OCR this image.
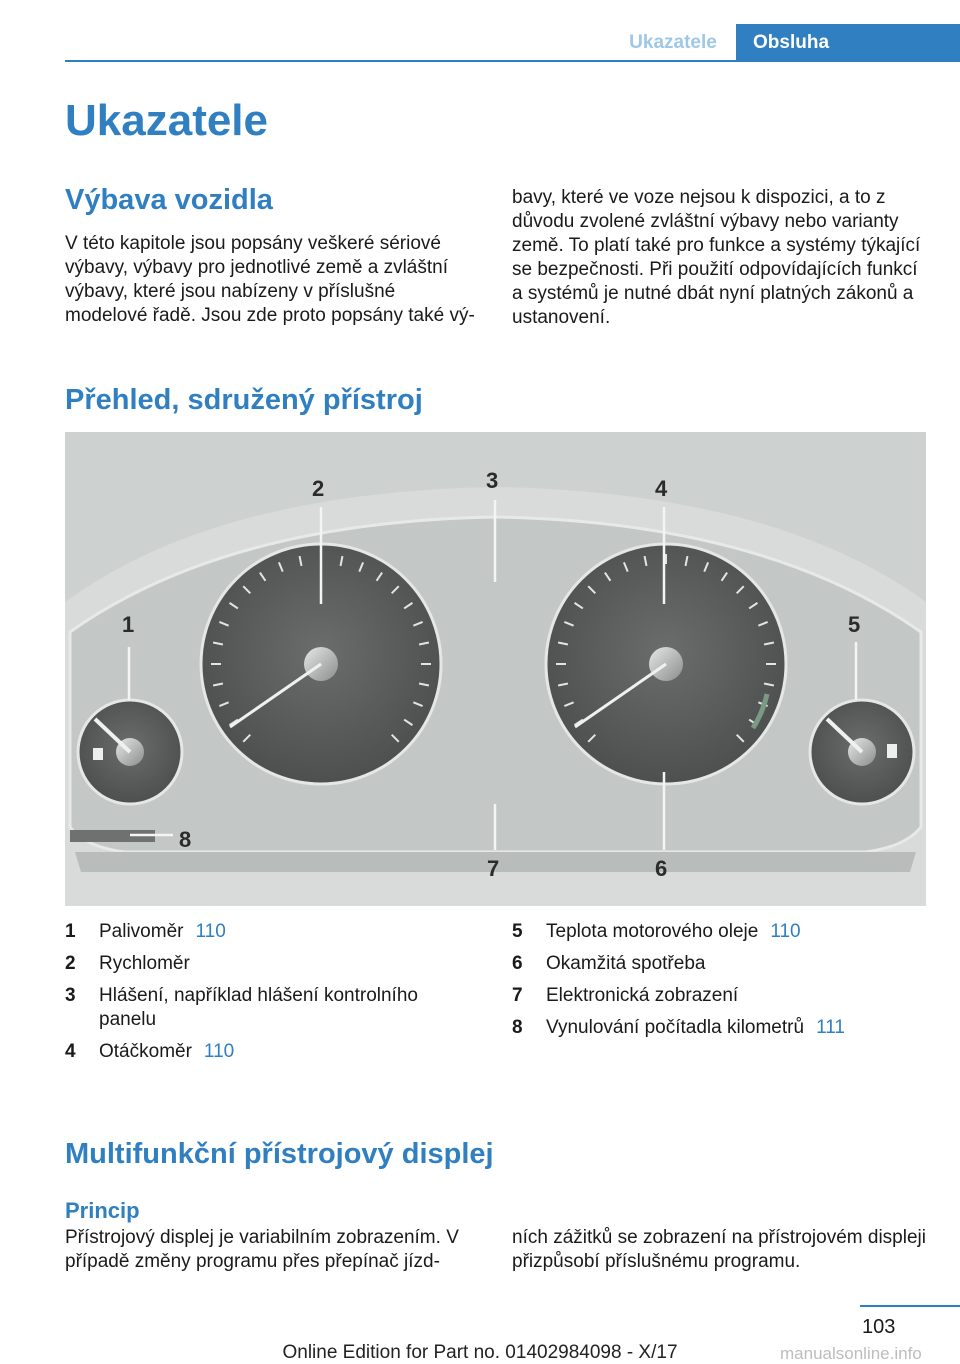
Ukazatele	Obsluha
Ukazatele
Výbava vozidla

V této kapitole jsou popsány veškeré sériové výbavy, výbavy pro jednotlivé země a zvláštní výbavy, které jsou nabízeny v příslušné modelové řadě. Jsou zde proto popsány také vý-

bavy, které ve voze nejsou k dispozici, a to z důvodu zvolené zvláštní výbavy nebo varianty země. To platí také pro funkce a systémy týkající se bezpečnosti. Při použití odpovídajících funkcí a systémů je nutné dbát nyní platných zákonů a ustanovení.

Přehled, sdružený přístroj
1
2	3	4
5
6
7
8
1 Palivoměr 110
2 Rychloměr
3 Hlášení, například hlášení kontrolního panelu
4 Otáčkoměr 110
5 Teplota motorového oleje 110
6 Okamžitá spotřeba
7 Elektronická zobrazení
8 Vynulování počítadla kilometrů 111
Multifunkční přístrojový displej
Princip

Přístrojový displej je variabilním zobrazením. V případě změny programu přes přepínač jízd-

ních zážitků se zobrazení na přístrojovém displeji přizpůsobí příslušnému programu.

103
Online Edition for Part no. 01402984098 - X/17	manualsonline.info
